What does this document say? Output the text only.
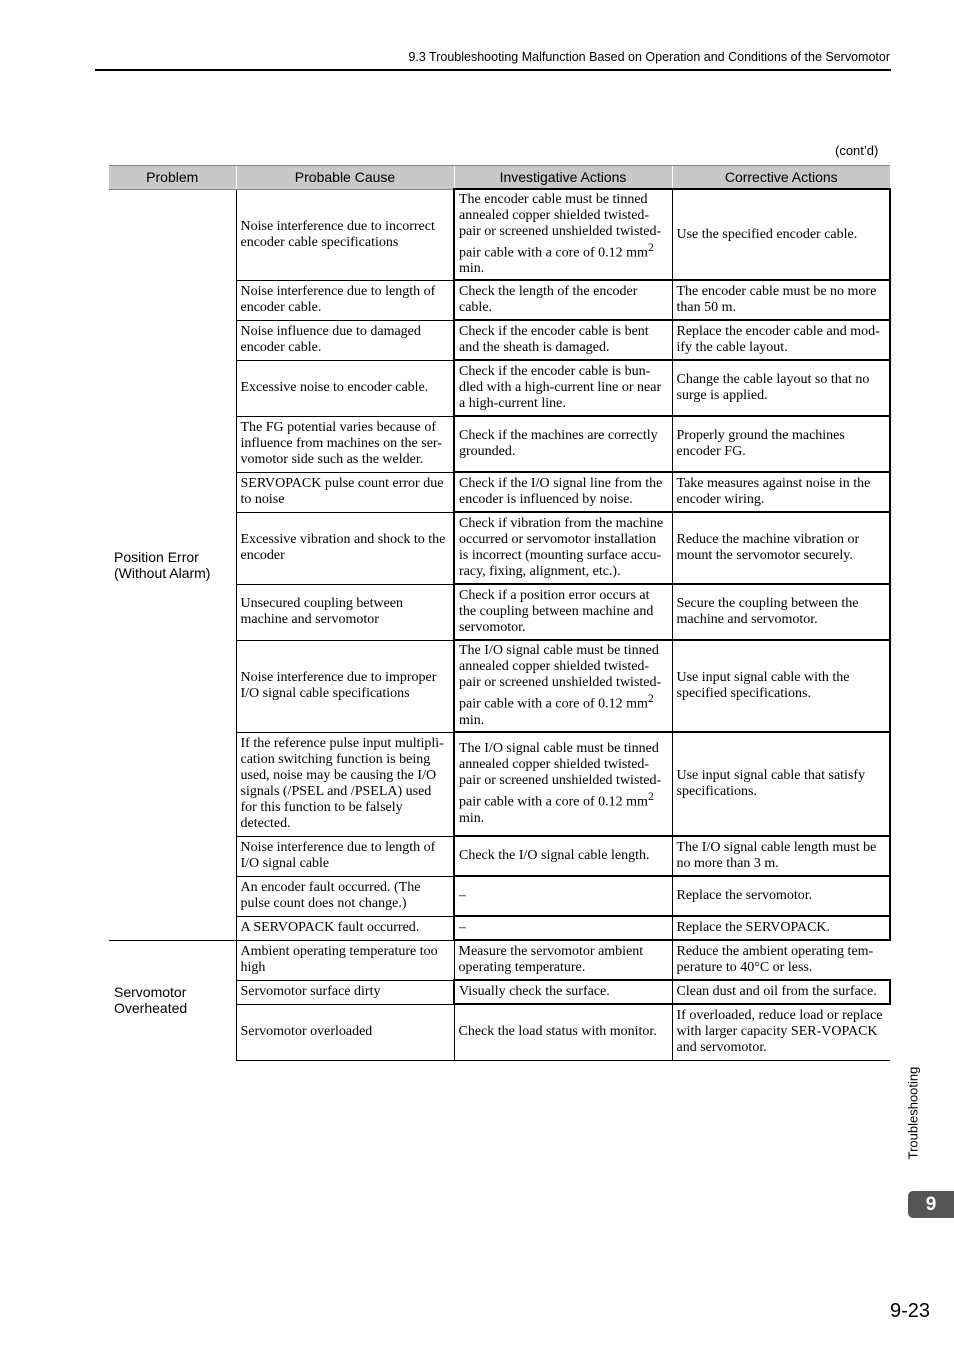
9.3 Troubleshooting Malfunction Based on Operation and Conditions of the Servomotor
(cont’d)
Problem	Probable Cause	Investigative Actions	Corrective Actions

Position Error
(Without Alarm)	Noise interference due to incorrect encoder cable specifications	The encoder cable must be tinned annealed copper shielded twisted-pair or screened unshielded twisted-pair cable with a core of 0.12 $mm^2$ min.	Use the specified encoder cable.
	Noise interference due to length of encoder cable.	Check the length of the encoder cable.	The encoder cable must be no more than 50 m.
	Noise influence due to damaged encoder cable.	Check if the encoder cable is bent and the sheath is damaged.	Replace the encoder cable and mod-ify the cable layout.
	Excessive noise to encoder cable.	Check if the encoder cable is bun-dled with a high-current line or near a high-current line.	Change the cable layout so that no surge is applied.
	The FG potential varies because of influence from machines on the ser-vomotor side such as the welder.	Check if the machines are correctly grounded.	Properly ground the machines encoder FG.
	SERVOPACK pulse count error due to noise	Check if the I/O signal line from the encoder is influenced by noise.	Take measures against noise in the encoder wiring.
	Excessive vibration and shock to the encoder	Check if vibration from the machine occurred or servomotor installation is incorrect (mounting surface accu-racy, fixing, alignment, etc.).	Reduce the machine vibration or mount the servomotor securely.
	Unsecured coupling between machine and servomotor	Check if a position error occurs at the coupling between machine and servomotor.	Secure the coupling between the machine and servomotor.
	Noise interference due to improper I/O signal cable specifications	The I/O signal cable must be tinned annealed copper shielded twisted-pair or screened unshielded twisted-pair cable with a core of 0.12 $mm^2$ min.	Use input signal cable with the specified specifications.
	If the reference pulse input multipli-cation switching function is being used, noise may be causing the I/O signals (/PSEL and /PSELA) used for this function to be falsely detected.	The I/O signal cable must be tinned annealed copper shielded twisted-pair or screened unshielded twisted-pair cable with a core of 0.12 $mm^2$ min.	Use input signal cable that satisfy specifications.
	Noise interference due to length of I/O signal cable	Check the I/O signal cable length.	The I/O signal cable length must be no more than 3 m.
	An encoder fault occurred. (The pulse count does not change.)	–	Replace the servomotor.
	A SERVOPACK fault occurred.	–	Replace the SERVOPACK.

Servomotor
Overheated	Ambient operating temperature too high	Measure the servomotor ambient operating temperature.	Reduce the ambient operating tem-perature to 40°C or less.
	Servomotor surface dirty	Visually check the surface.	Clean dust and oil from the surface.
	Servomotor overloaded	Check the load status with monitor.	If overloaded, reduce load or replace with larger capacity SER-VOPACK and servomotor.
Troubleshooting
9
9-23
